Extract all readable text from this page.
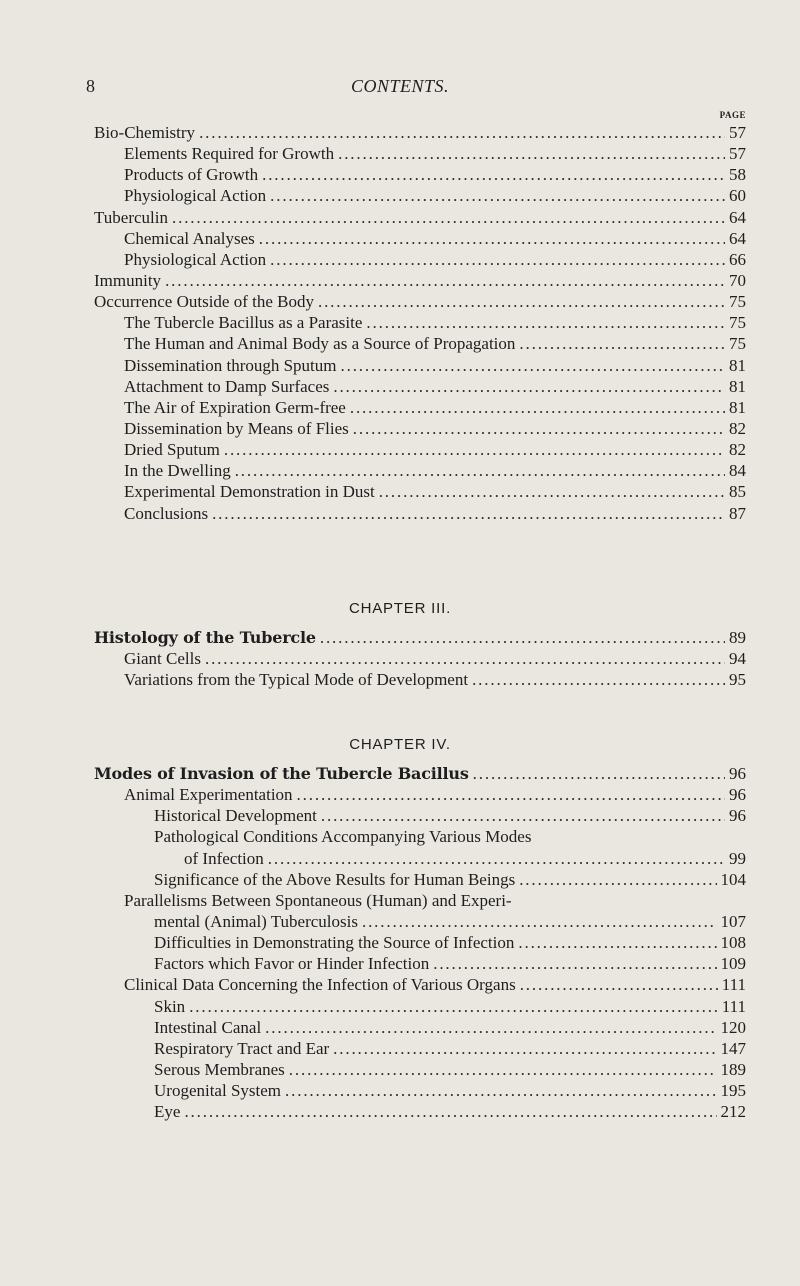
8	CONTENTS.
PAGE
Bio-Chemistry . . .	57
Elements Required for Growth . . .	57
Products of Growth . . .	58
Physiological Action . . .	60
Tuberculin . . .	64
Chemical Analyses . . .	64
Physiological Action . . .	66
Immunity . . .	70
Occurrence Outside of the Body . . .	75
The Tubercle Bacillus as a Parasite . . .	75
The Human and Animal Body as a Source of Propagation . . .	75
Dissemination through Sputum . . .	81
Attachment to Damp Surfaces . . .	81
The Air of Expiration Germ-free . . .	81
Dissemination by Means of Flies . . .	82
Dried Sputum . . .	82
In the Dwelling . . .	84
Experimental Demonstration in Dust . . .	85
Conclusions . . .	87
CHAPTER III.
Histology of the Tubercle . . .	89
Giant Cells . . .	94
Variations from the Typical Mode of Development . . .	95
CHAPTER IV.
Modes of Invasion of the Tubercle Bacillus . . .	96
Animal Experimentation . . .	96
Historical Development . . .	96
Pathological Conditions Accompanying Various Modes
of Infection . . .	99
Significance of the Above Results for Human Beings . . .	104
Parallelisms Between Spontaneous (Human) and Experi-
mental (Animal) Tuberculosis . . .	107
Difficulties in Demonstrating the Source of Infection . . .	108
Factors which Favor or Hinder Infection . . .	109
Clinical Data Concerning the Infection of Various Organs . . .	111
Skin . . .	111
Intestinal Canal . . .	120
Respiratory Tract and Ear . . .	147
Serous Membranes . . .	189
Urogenital System . . .	195
Eye . . .	212
